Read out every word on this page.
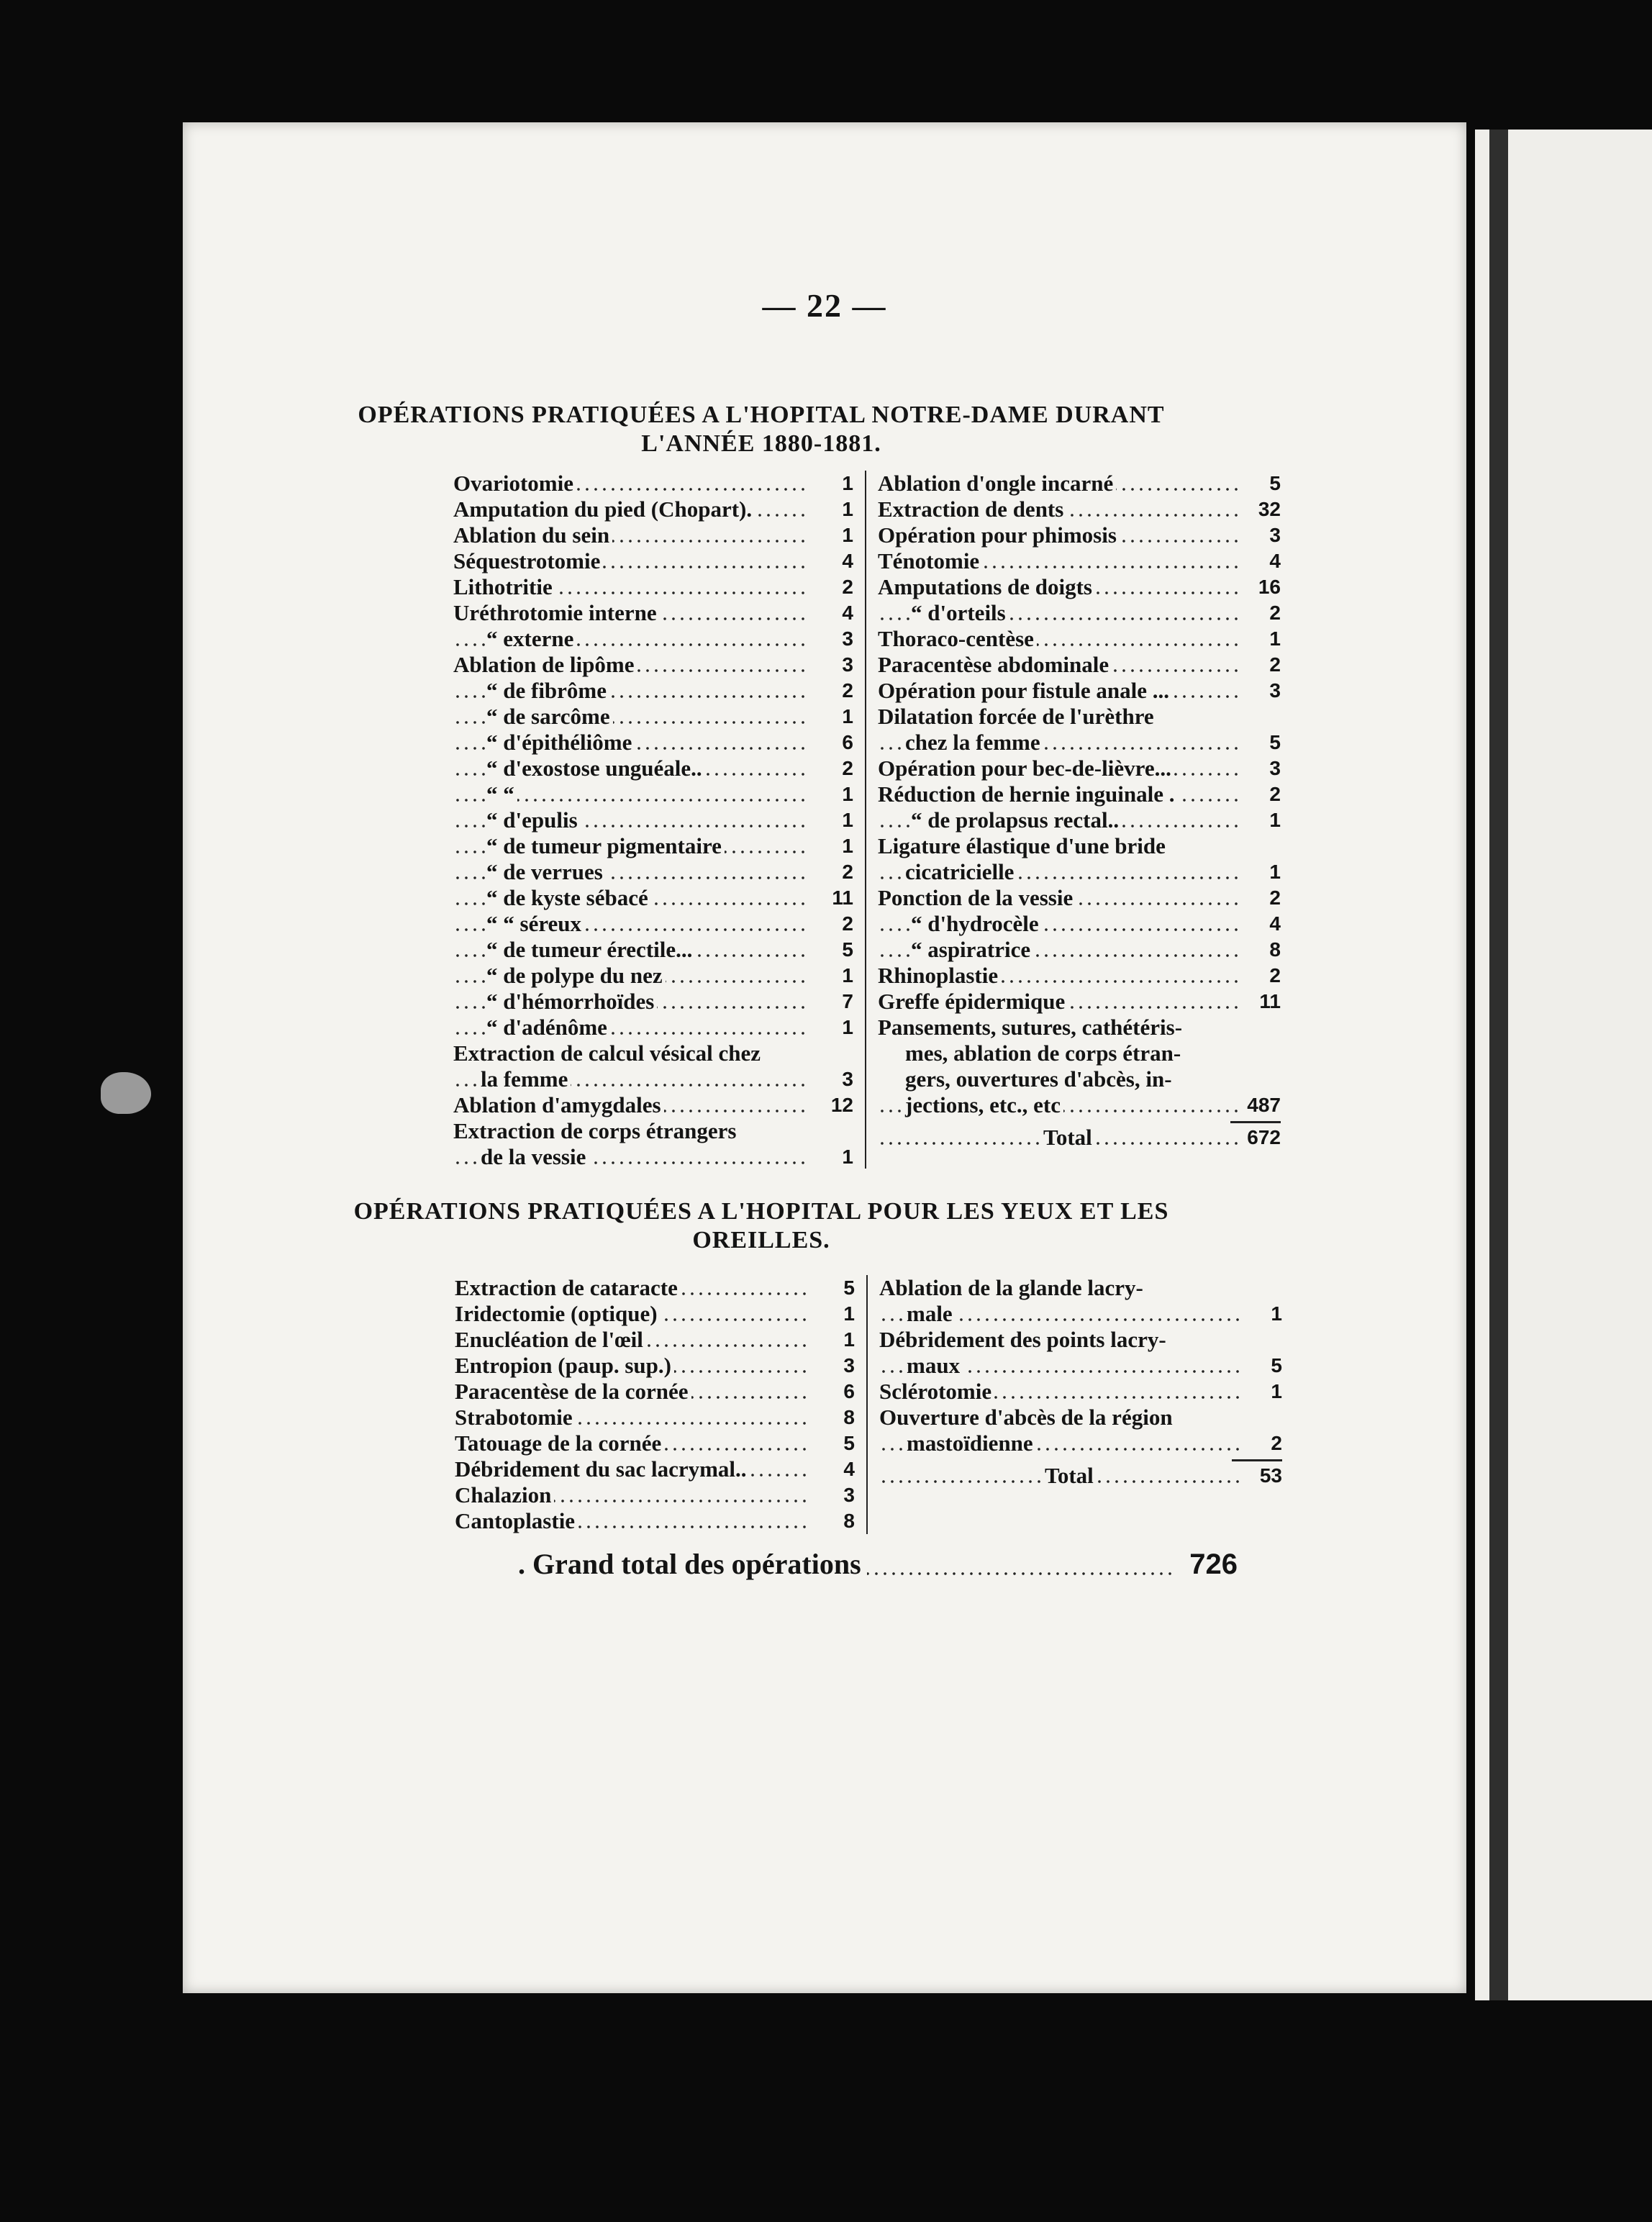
— 22 —
OPÉRATIONS PRATIQUÉES A L'HOPITAL NOTRE-DAME DURANT
L'ANNÉE 1880-1881.
Ovariotomie	1
Amputation du pied (Chopart).	1
Ablation du sein	1
Séquestrotomie	4
Lithotritie	2
Uréthrotomie interne	4
“ externe	3
Ablation de lipôme	3
“ de fibrôme	2
“ de sarcôme	1
“ d'épithéliôme	6
“ d'exostose unguéale..	2
“ “	1
“ d'epulis	1
“ de tumeur pigmentaire	1
“ de verrues	2
“ de kyste sébacé	11
“ “ séreux	2
“ de tumeur érectile...	5
“ de polype du nez	1
“ d'hémorrhoïdes	7
“ d'adénôme	1
Extraction de calcul vésical chez
la femme	3
Ablation d'amygdales	12
Extraction de corps étrangers
de la vessie	1
Ablation d'ongle incarné	5
Extraction de dents	32
Opération pour phimosis	3
Ténotomie	4
Amputations de doigts	16
“ d'orteils	2
Thoraco-centèse	1
Paracentèse abdominale	2
Opération pour fistule anale ...	3
Dilatation forcée de l'urèthre
chez la femme	5
Opération pour bec-de-lièvre...	3
Réduction de hernie inguinale .	2
“ de prolapsus rectal..	1
Ligature élastique d'une bride
cicatricielle	1
Ponction de la vessie	2
“ d'hydrocèle	4
“ aspiratrice	8
Rhinoplastie	2
Greffe épidermique	11
Pansements, sutures, cathétéris-
mes, ablation de corps étran-
gers, ouvertures d'abcès, in-
jections, etc., etc	487
Total	672
OPÉRATIONS PRATIQUÉES A L'HOPITAL POUR LES YEUX ET LES
OREILLES.
Extraction de cataracte	5
Iridectomie (optique)	1
Enucléation de l'œil	1
Entropion (paup. sup.)	3
Paracentèse de la cornée	6
Strabotomie	8
Tatouage de la cornée	5
Débridement du sac lacrymal..	4
Chalazion	3
Cantoplastie	8
Ablation de la glande lacry-
male	1
Débridement des points lacry-
maux	5
Sclérotomie	1
Ouverture d'abcès de la région
mastoïdienne	2
Total	53
. Grand total des opérations	726
